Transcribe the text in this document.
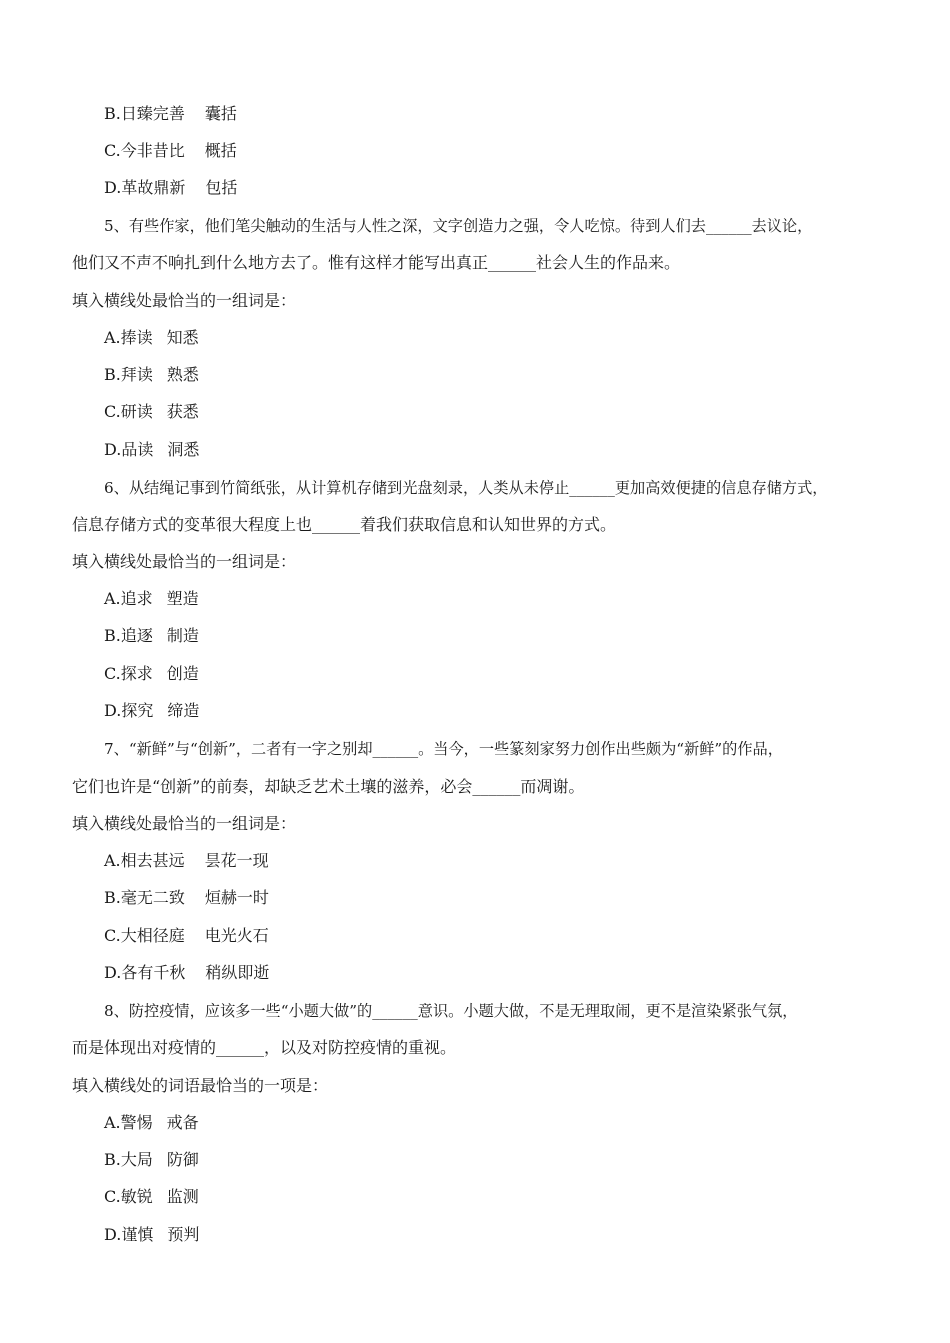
B.日臻完善 囊括
C.今非昔比 概括
D.革故鼎新 包括
5、有些作家，他们笔尖触动的生活与人性之深，文字创造力之强，令人吃惊。待到人们去______去议论，
他们又不声不响扎到什么地方去了。惟有这样才能写出真正______社会人生的作品来。
填入横线处最恰当的一组词是：
A.捧读 知悉
B.拜读 熟悉
C.研读 获悉
D.品读 洞悉
6、从结绳记事到竹简纸张，从计算机存储到光盘刻录，人类从未停止______更加高效便捷的信息存储方式，
信息存储方式的变革很大程度上也______着我们获取信息和认知世界的方式。
填入横线处最恰当的一组词是：
A.追求 塑造
B.追逐 制造
C.探求 创造
D.探究 缔造
7、“新鲜”与“创新”，二者有一字之别却______。当今，一些篆刻家努力创作出些颇为“新鲜”的作品，
它们也许是“创新”的前奏，却缺乏艺术土壤的滋养，必会______而凋谢。
填入横线处最恰当的一组词是：
A.相去甚远 昙花一现
B.毫无二致 烜赫一时
C.大相径庭 电光火石
D.各有千秋 稍纵即逝
8、防控疫情，应该多一些“小题大做”的______意识。小题大做，不是无理取闹，更不是渲染紧张气氛，
而是体现出对疫情的______，以及对防控疫情的重视。
填入横线处的词语最恰当的一项是：
A.警惕 戒备
B.大局 防御
C.敏锐 监测
D.谨慎 预判
